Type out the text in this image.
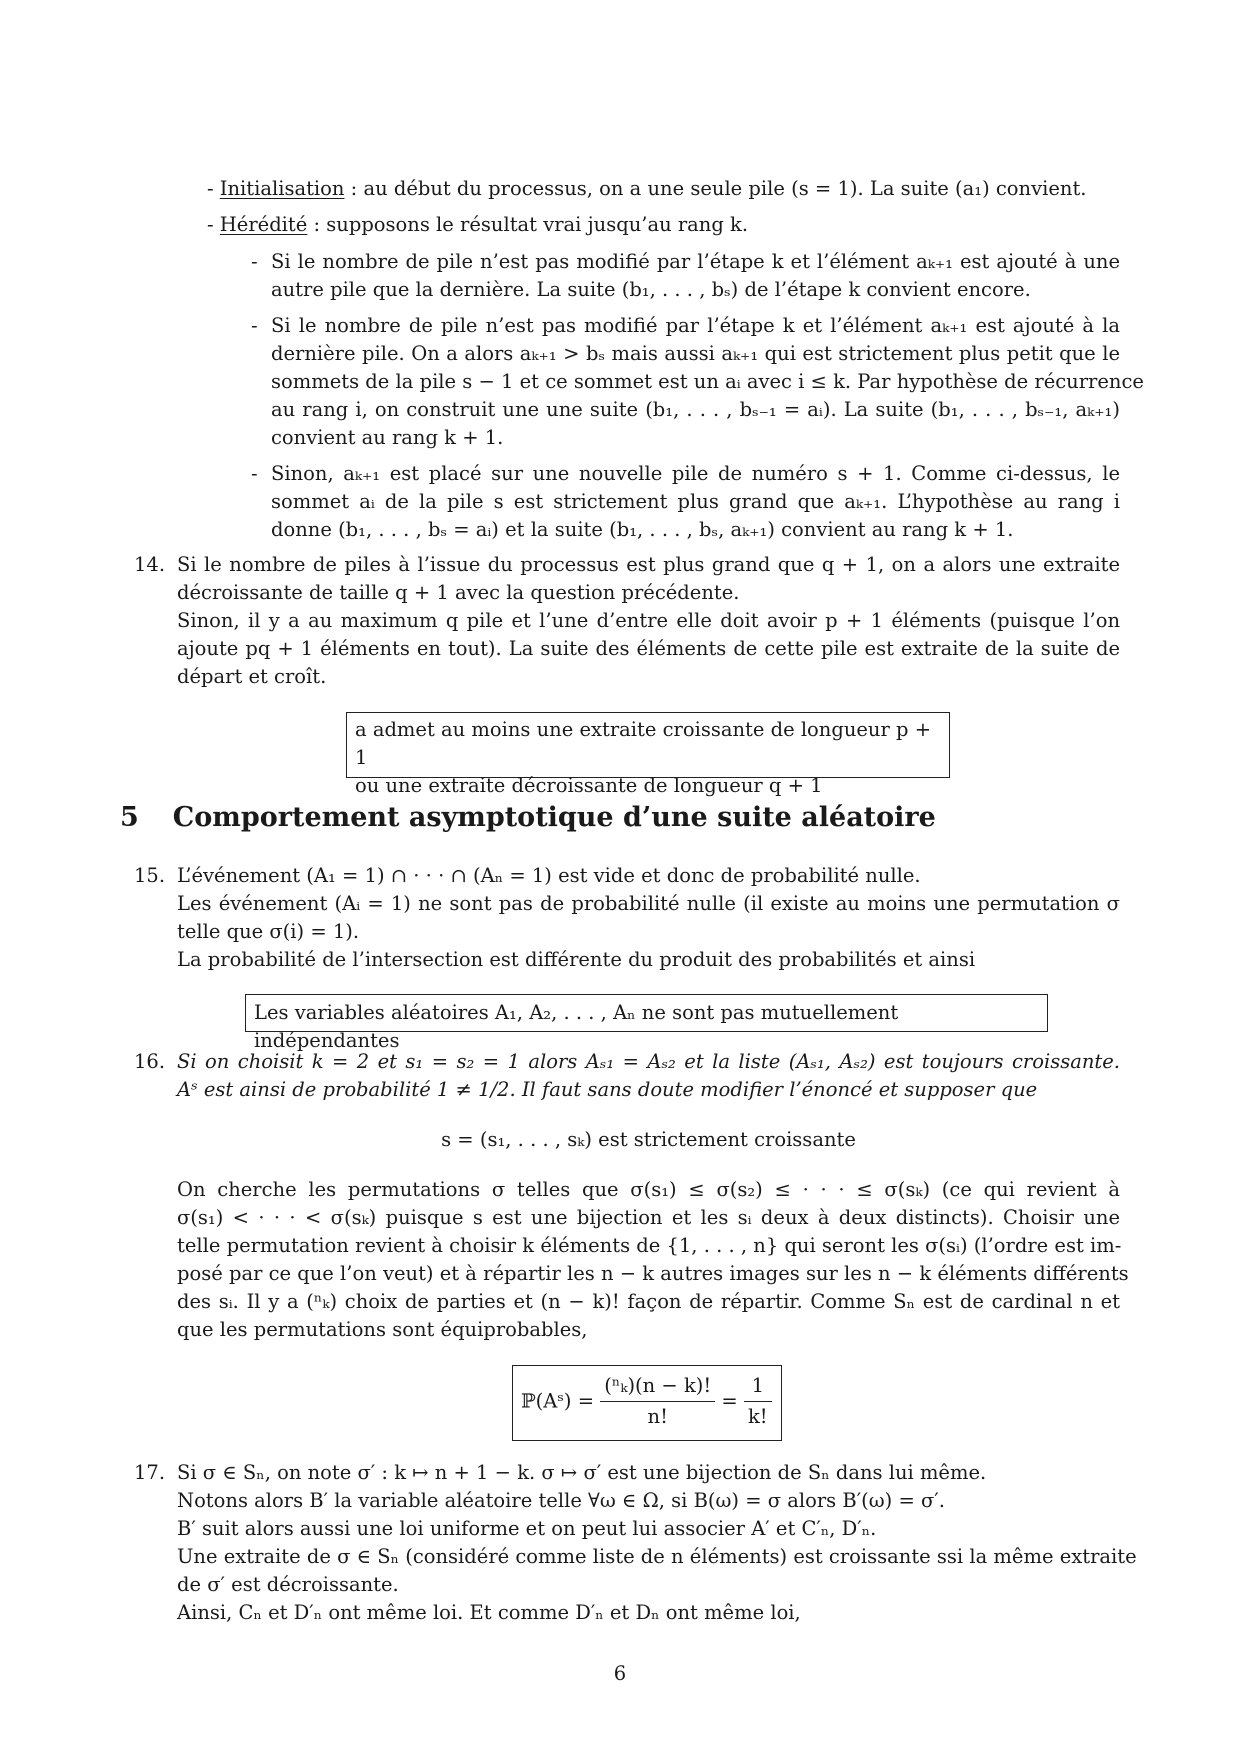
- Initialisation : au début du processus, on a une seule pile (s = 1). La suite (a₁) convient.
- Hérédité : supposons le résultat vrai jusqu’au rang k.
- Si le nombre de pile n’est pas modifié par l’étape k et l’élément aₖ₊₁ est ajouté à une
autre pile que la dernière. La suite (b₁, . . . , bₛ) de l’étape k convient encore.
- Si le nombre de pile n’est pas modifié par l’étape k et l’élément aₖ₊₁ est ajouté à la
dernière pile. On a alors aₖ₊₁ > bₛ mais aussi aₖ₊₁ qui est strictement plus petit que le
sommets de la pile s − 1 et ce sommet est un aᵢ avec i ≤ k. Par hypothèse de récurrence
au rang i, on construit une une suite (b₁, . . . , bₛ₋₁ = aᵢ). La suite (b₁, . . . , bₛ₋₁, aₖ₊₁)
convient au rang k + 1.
- Sinon, aₖ₊₁ est placé sur une nouvelle pile de numéro s + 1. Comme ci-dessus, le
sommet aᵢ de la pile s est strictement plus grand que aₖ₊₁. L’hypothèse au rang i
donne (b₁, . . . , bₛ = aᵢ) et la suite (b₁, . . . , bₛ, aₖ₊₁) convient au rang k + 1.
14. Si le nombre de piles à l’issue du processus est plus grand que q + 1, on a alors une extraite
décroissante de taille q + 1 avec la question précédente.
Sinon, il y a au maximum q pile et l’une d’entre elle doit avoir p + 1 éléments (puisque l’on
ajoute pq + 1 éléments en tout). La suite des éléments de cette pile est extraite de la suite de
départ et croît.
a admet au moins une extraite croissante de longueur p + 1
ou une extraite décroissante de longueur q + 1
5 Comportement asymptotique d’une suite aléatoire
15. L’événement (A₁ = 1) ∩ · · · ∩ (Aₙ = 1) est vide et donc de probabilité nulle.
Les événement (Aᵢ = 1) ne sont pas de probabilité nulle (il existe au moins une permutation σ
telle que σ(i) = 1).
La probabilité de l’intersection est différente du produit des probabilités et ainsi
Les variables aléatoires A₁, A₂, . . . , Aₙ ne sont pas mutuellement indépendantes
16. Si on choisit k = 2 et s₁ = s₂ = 1 alors Aₛ₁ = Aₛ₂ et la liste (Aₛ₁, Aₛ₂) est toujours croissante.
Aˢ est ainsi de probabilité 1 ≠ 1/2. Il faut sans doute modifier l’énoncé et supposer que
s = (s₁, . . . , sₖ) est strictement croissante
On cherche les permutations σ telles que σ(s₁) ≤ σ(s₂) ≤ · · · ≤ σ(sₖ) (ce qui revient à
σ(s₁) < · · · < σ(sₖ) puisque s est une bijection et les sᵢ deux à deux distincts). Choisir une
telle permutation revient à choisir k éléments de {1, . . . , n} qui seront les σ(sᵢ) (l’ordre est im-
posé par ce que l’on veut) et à répartir les n − k autres images sur les n − k éléments différents
des sᵢ. Il y a (ⁿₖ) choix de parties et (n − k)! façon de répartir. Comme Sₙ est de cardinal n et
que les permutations sont équiprobables,
ℙ(Aˢ) = $\frac{\text{(ⁿₖ)(n − k)!}}{n!} = \frac{1}{k!}$
17. Si σ ∈ Sₙ, on note σ′ : k ↦ n + 1 − k. σ ↦ σ′ est une bijection de Sₙ dans lui même.
Notons alors B′ la variable aléatoire telle ∀ω ∈ Ω, si B(ω) = σ alors B′(ω) = σ′.
B′ suit alors aussi une loi uniforme et on peut lui associer A′ et C′ₙ, D′ₙ.
Une extraite de σ ∈ Sₙ (considéré comme liste de n éléments) est croissante ssi la même extraite
de σ′ est décroissante.
Ainsi, Cₙ et D′ₙ ont même loi. Et comme D′ₙ et Dₙ ont même loi,
6
